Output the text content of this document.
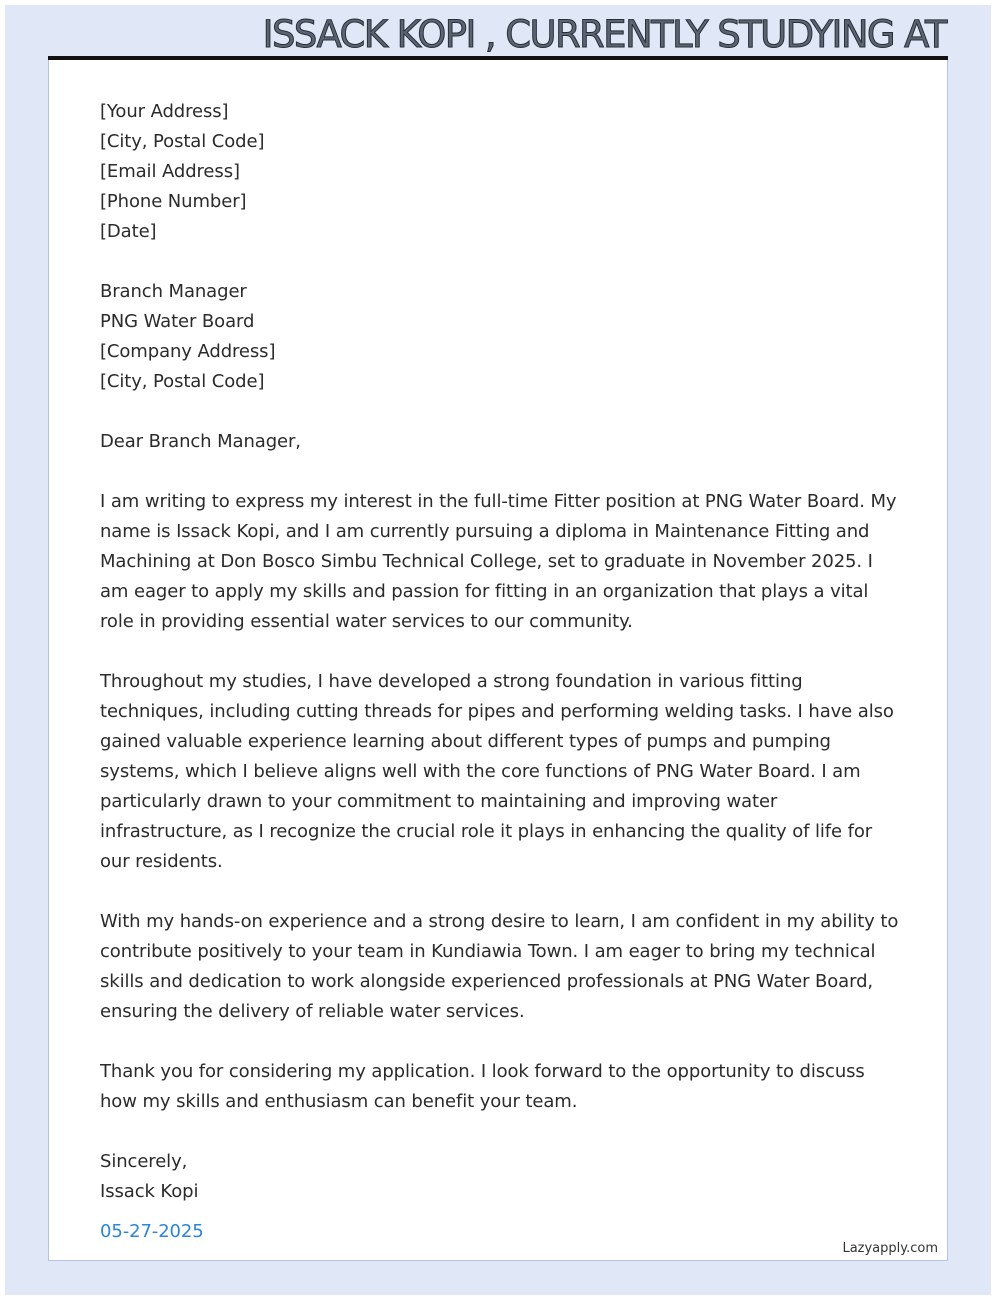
ISSACK KOPI , CURRENTLY STUDYING AT
[Your Address]
[City, Postal Code]
[Email Address]
[Phone Number]
[Date]
Branch Manager
PNG Water Board
[Company Address]
[City, Postal Code]
Dear Branch Manager,

I am writing to express my interest in the full-time Fitter position at PNG Water Board. My name is Issack Kopi, and I am currently pursuing a diploma in Maintenance Fitting and Machining at Don Bosco Simbu Technical College, set to graduate in November 2025. I am eager to apply my skills and passion for fitting in an organization that plays a vital role in providing essential water services to our community.

Throughout my studies, I have developed a strong foundation in various fitting techniques, including cutting threads for pipes and performing welding tasks. I have also gained valuable experience learning about different types of pumps and pumping systems, which I believe aligns well with the core functions of PNG Water Board. I am particularly drawn to your commitment to maintaining and improving water infrastructure, as I recognize the crucial role it plays in enhancing the quality of life for our residents.

With my hands-on experience and a strong desire to learn, I am confident in my ability to contribute positively to your team in Kundiawia Town. I am eager to bring my technical skills and dedication to work alongside experienced professionals at PNG Water Board, ensuring the delivery of reliable water services.

Thank you for considering my application. I look forward to the opportunity to discuss how my skills and enthusiasm can benefit your team.

Sincerely,
Issack Kopi
05-27-2025
Lazyapply.com
